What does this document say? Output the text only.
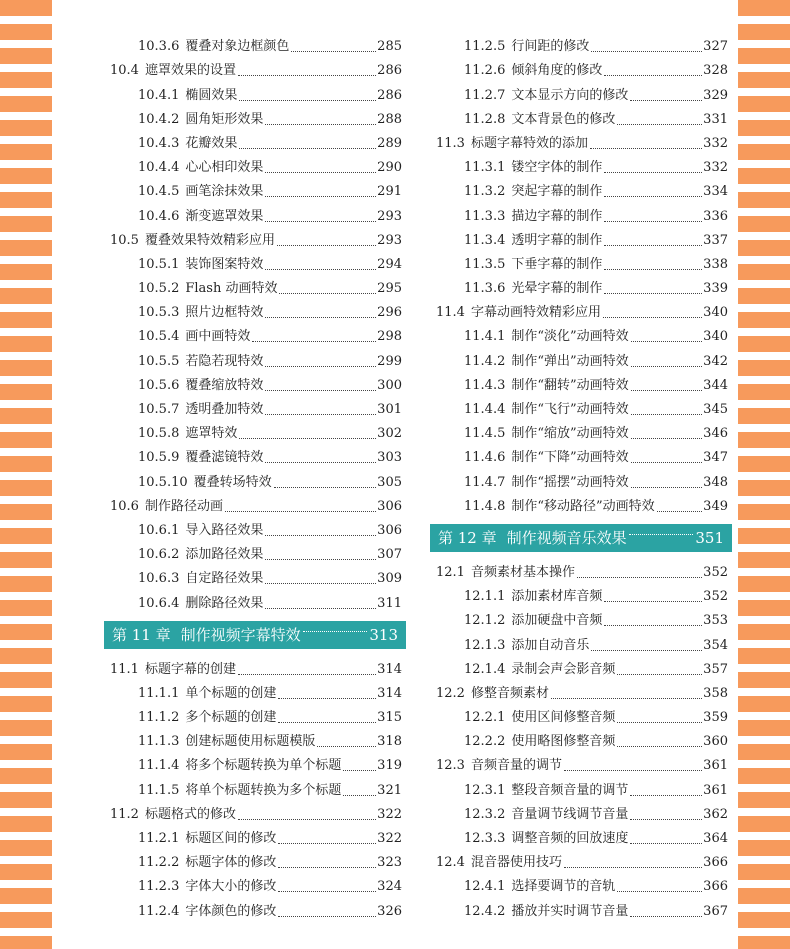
10.3.6 覆叠对象边框颜色	285
10.4 遮罩效果的设置	286
10.4.1 椭圆效果	286
10.4.2 圆角矩形效果	288
10.4.3 花瓣效果	289
10.4.4 心心相印效果	290
10.4.5 画笔涂抹效果	291
10.4.6 渐变遮罩效果	293
10.5 覆叠效果特效精彩应用	293
10.5.1 装饰图案特效	294
10.5.2 Flash 动画特效	295
10.5.3 照片边框特效	296
10.5.4 画中画特效	298
10.5.5 若隐若现特效	299
10.5.6 覆叠缩放特效	300
10.5.7 透明叠加特效	301
10.5.8 遮罩特效	302
10.5.9 覆叠滤镜特效	303
10.5.10 覆叠转场特效	305
10.6 制作路径动画	306
10.6.1 导入路径效果	306
10.6.2 添加路径效果	307
10.6.3 自定路径效果	309
10.6.4 删除路径效果	311
第 11 章 制作视频字幕特效	313
11.1 标题字幕的创建	314
11.1.1 单个标题的创建	314
11.1.2 多个标题的创建	315
11.1.3 创建标题使用标题模版	318
11.1.4 将多个标题转换为单个标题	319
11.1.5 将单个标题转换为多个标题	321
11.2 标题格式的修改	322
11.2.1 标题区间的修改	322
11.2.2 标题字体的修改	323
11.2.3 字体大小的修改	324
11.2.4 字体颜色的修改	326
11.2.5 行间距的修改	327
11.2.6 倾斜角度的修改	328
11.2.7 文本显示方向的修改	329
11.2.8 文本背景色的修改	331
11.3 标题字幕特效的添加	332
11.3.1 镂空字体的制作	332
11.3.2 突起字幕的制作	334
11.3.3 描边字幕的制作	336
11.3.4 透明字幕的制作	337
11.3.5 下垂字幕的制作	338
11.3.6 光晕字幕的制作	339
11.4 字幕动画特效精彩应用	340
11.4.1 制作“淡化”动画特效	340
11.4.2 制作“弹出”动画特效	342
11.4.3 制作“翻转”动画特效	344
11.4.4 制作“飞行”动画特效	345
11.4.5 制作“缩放”动画特效	346
11.4.6 制作“下降”动画特效	347
11.4.7 制作“摇摆”动画特效	348
11.4.8 制作“移动路径”动画特效	349
第 12 章 制作视频音乐效果	351
12.1 音频素材基本操作	352
12.1.1 添加素材库音频	352
12.1.2 添加硬盘中音频	353
12.1.3 添加自动音乐	354
12.1.4 录制会声会影音频	357
12.2 修整音频素材	358
12.2.1 使用区间修整音频	359
12.2.2 使用略图修整音频	360
12.3 音频音量的调节	361
12.3.1 整段音频音量的调节	361
12.3.2 音量调节线调节音量	362
12.3.3 调整音频的回放速度	364
12.4 混音器使用技巧	366
12.4.1 选择要调节的音轨	366
12.4.2 播放并实时调节音量	367
